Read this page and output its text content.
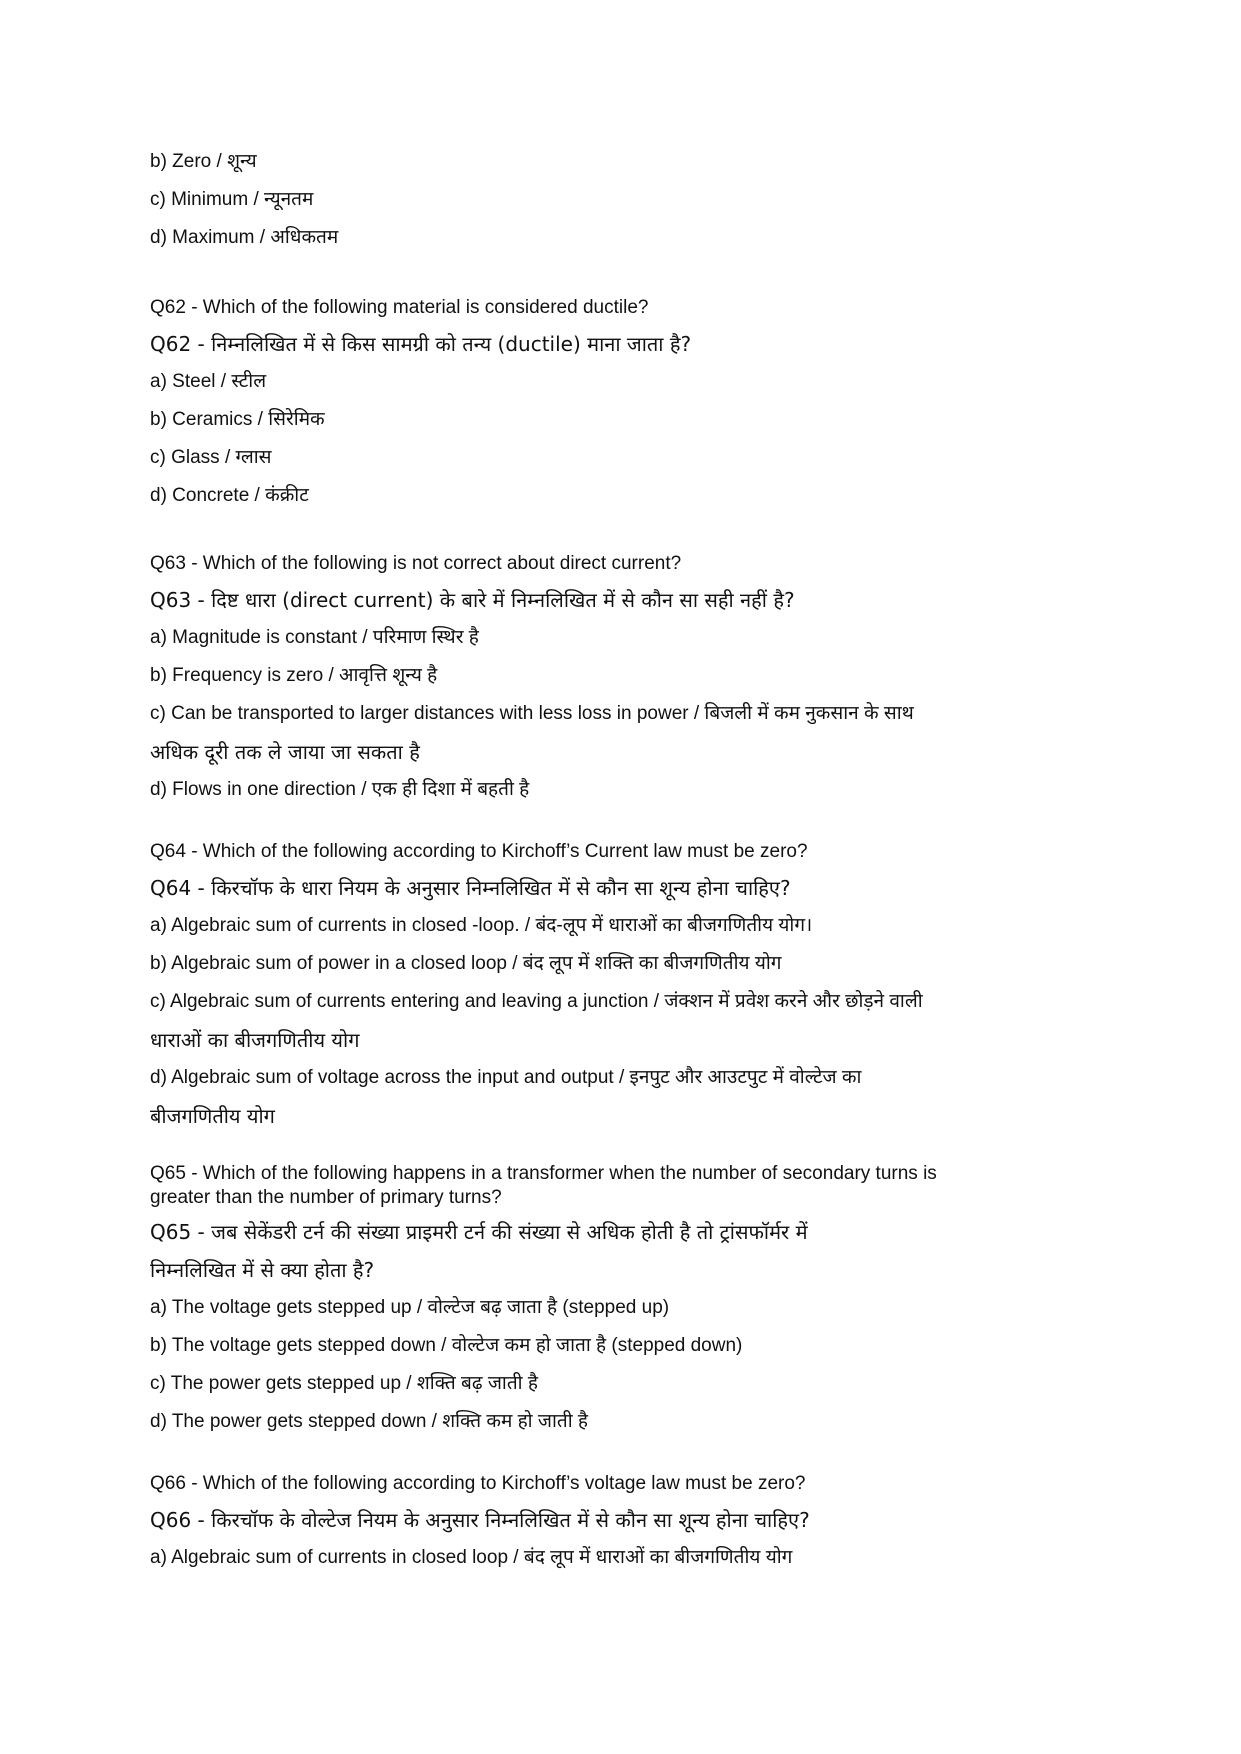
b) Zero / शून्य
c) Minimum / न्यूनतम
d) Maximum / अधिकतम
Q62 - Which of the following material is considered ductile?
Q62 - निम्नलिखित में से किस सामग्री को तन्य (ductile) माना जाता है?
a) Steel / स्टील
b) Ceramics / सिरेमिक
c) Glass / ग्लास
d) Concrete / कंक्रीट
Q63 - Which of the following is not correct about direct current?
Q63 - दिष्ट धारा (direct current) के बारे में निम्नलिखित में से कौन सा सही नहीं है?
a) Magnitude is constant / परिमाण स्थिर है
b) Frequency is zero / आवृत्ति शून्य है
c) Can be transported to larger distances with less loss in power / बिजली में कम नुकसान के साथ
अधिक दूरी तक ले जाया जा सकता है
d) Flows in one direction / एक ही दिशा में बहती है
Q64 - Which of the following according to Kirchoff’s Current law must be zero?
Q64 - किरचॉफ के धारा नियम के अनुसार निम्नलिखित में से कौन सा शून्य होना चाहिए?
a) Algebraic sum of currents in closed -loop. / बंद-लूप में धाराओं का बीजगणितीय योग।
b) Algebraic sum of power in a closed loop / बंद लूप में शक्ति का बीजगणितीय योग
c) Algebraic sum of currents entering and leaving a junction / जंक्शन में प्रवेश करने और छोड़ने वाली
धाराओं का बीजगणितीय योग
d) Algebraic sum of voltage across the input and output / इनपुट और आउटपुट में वोल्टेज का
बीजगणितीय योग
Q65 - Which of the following happens in a transformer when the number of secondary turns is
greater than the number of primary turns?
Q65 - जब सेकेंडरी टर्न की संख्या प्राइमरी टर्न की संख्या से अधिक होती है तो ट्रांसफॉर्मर में
निम्नलिखित में से क्या होता है?
a) The voltage gets stepped up / वोल्टेज बढ़ जाता है (stepped up)
b) The voltage gets stepped down / वोल्टेज कम हो जाता है (stepped down)
c) The power gets stepped up / शक्ति बढ़ जाती है
d) The power gets stepped down / शक्ति कम हो जाती है
Q66 - Which of the following according to Kirchoff’s voltage law must be zero?
Q66 - किरचॉफ के वोल्टेज नियम के अनुसार निम्नलिखित में से कौन सा शून्य होना चाहिए?
a) Algebraic sum of currents in closed loop / बंद लूप में धाराओं का बीजगणितीय योग
